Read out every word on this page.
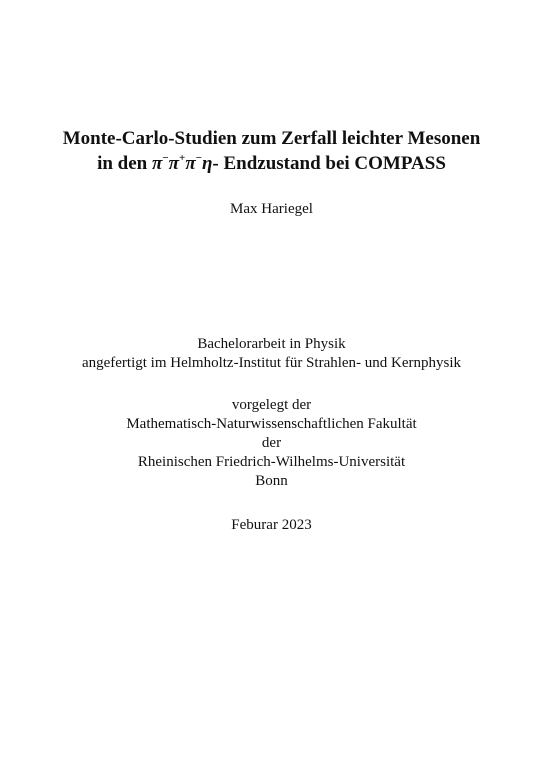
Monte-Carlo-Studien zum Zerfall leichter Mesonen
in den π−π+π−η- Endzustand bei COMPASS
Max Hariegel

Bachelorarbeit in Physik

angefertigt im Helmholtz-Institut für Strahlen- und Kernphysik

vorgelegt der

Mathematisch-Naturwissenschaftlichen Fakultät

der

Rheinischen Friedrich-Wilhelms-Universität

Bonn

Feburar 2023
